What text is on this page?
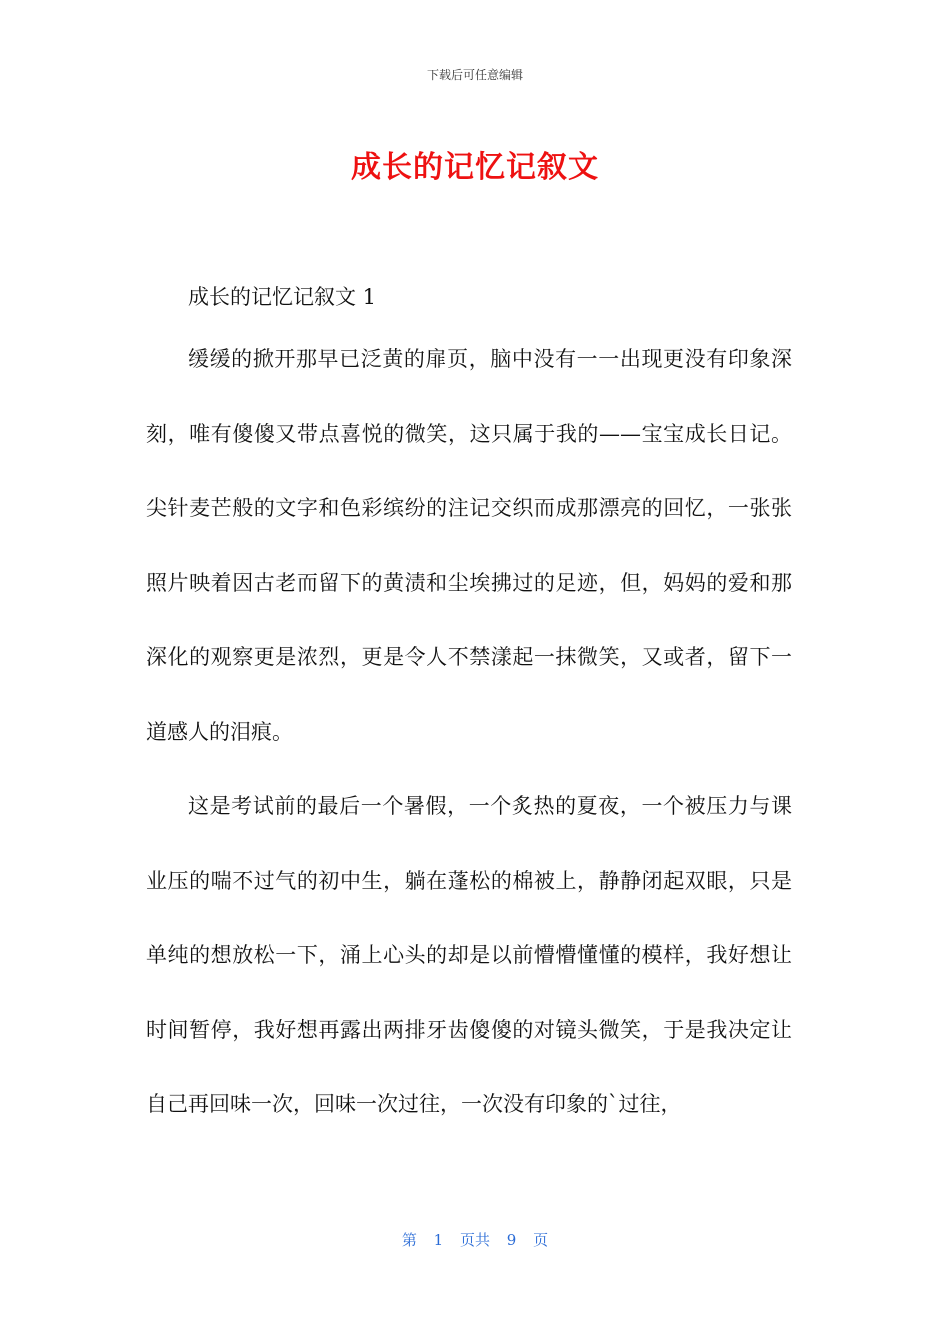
下载后可任意编辑
成长的记忆记叙文

成长的记忆记叙文 1

缓缓的掀开那早已泛黄的扉页，脑中没有一一出现更没有印象深刻，唯有傻傻又带点喜悦的微笑，这只属于我的——宝宝成长日记。尖针麦芒般的文字和色彩缤纷的注记交织而成那漂亮的回忆，一张张照片映着因古老而留下的黄渍和尘埃拂过的足迹，但，妈妈的爱和那深化的观察更是浓烈，更是令人不禁漾起一抹微笑，又或者，留下一道感人的泪痕。

这是考试前的最后一个暑假，一个炙热的夏夜，一个被压力与课业压的喘不过气的初中生，躺在蓬松的棉被上，静静闭起双眼，只是单纯的想放松一下，涌上心头的却是以前懵懵懂懂的模样，我好想让时间暂停，我好想再露出两排牙齿傻傻的对镜头微笑，于是我决定让自己再回味一次，回味一次过往，一次没有印象的`过往，

第 1 页共 9 页
